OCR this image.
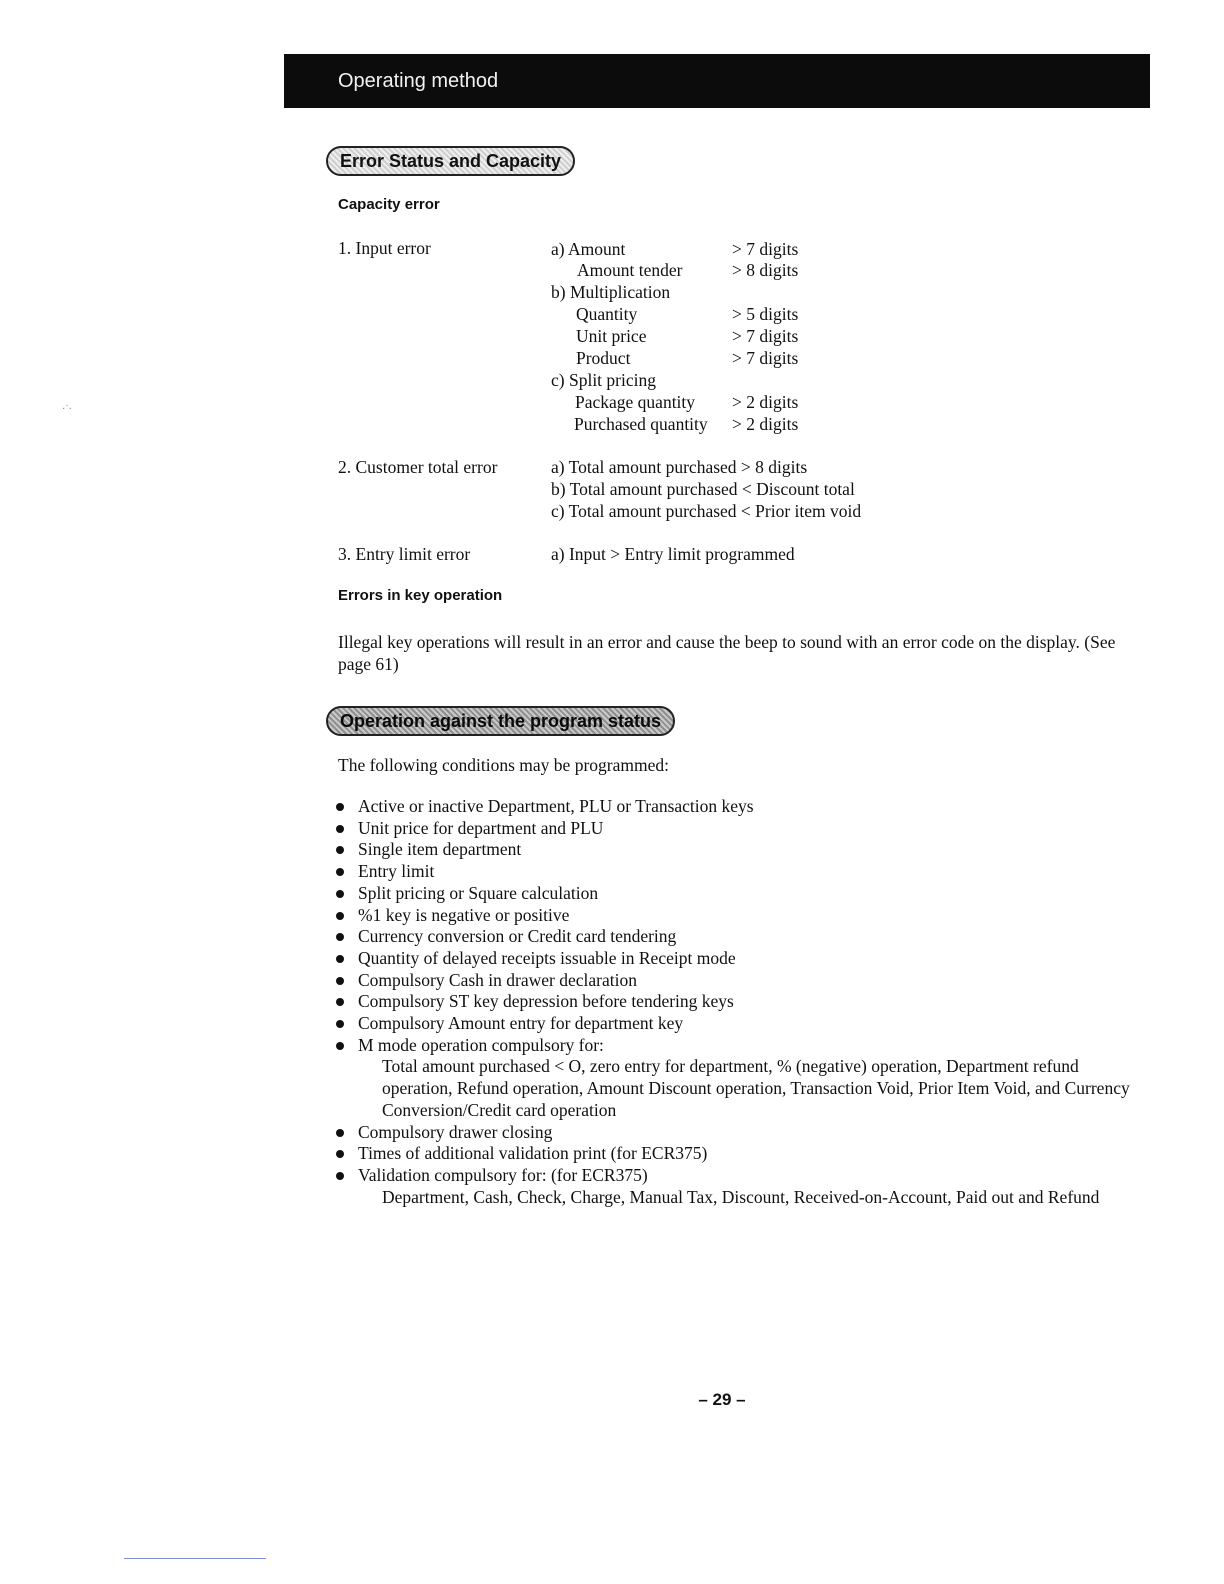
Operating method
Error Status and Capacity
Capacity error
1. Input error	a) Amount	> 7 digits
Amount tender	> 8 digits
b) Multiplication
Quantity	> 5 digits
Unit price	> 7 digits
Product	> 7 digits
c) Split pricing
Package quantity > 2 digits
Purchased quantity > 2 digits
2. Customer total error	a) Total amount purchased > 8 digits
b) Total amount purchased < Discount total
c) Total amount purchased < Prior item void
3. Entry limit error	a) Input > Entry limit programmed
Errors in key operation
Illegal key operations will result in an error and cause the beep to sound with an error code on the display. (See page 61)
Operation against the program status
The following conditions may be programmed:
Active or inactive Department, PLU or Transaction keys
Unit price for department and PLU
Single item department
Entry limit
Split pricing or Square calculation
%1 key is negative or positive
Currency conversion or Credit card tendering
Quantity of delayed receipts issuable in Receipt mode
Compulsory Cash in drawer declaration
Compulsory ST key depression before tendering keys
Compulsory Amount entry for department key
M mode operation compulsory for:
Total amount purchased < O, zero entry for department, % (negative) operation, Department refund operation, Refund operation, Amount Discount operation, Transaction Void, Prior Item Void, and Currency Conversion/Credit card operation
Compulsory drawer closing
Times of additional validation print (for ECR375)
Validation compulsory for: (for ECR375)
Department, Cash, Check, Charge, Manual Tax, Discount, Received-on-Account, Paid out and Refund
– 29 –
·˙·
